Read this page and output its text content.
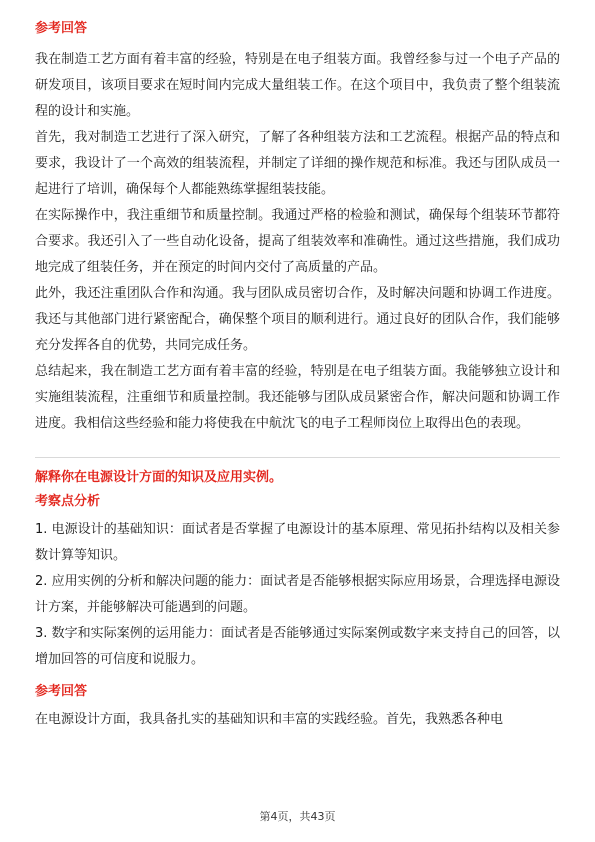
参考回答

我在制造工艺方面有着丰富的经验，特别是在电子组装方面。我曾经参与过一个电子产品的研发项目，该项目要求在短时间内完成大量组装工作。在这个项目中，我负责了整个组装流程的设计和实施。

首先，我对制造工艺进行了深入研究，了解了各种组装方法和工艺流程。根据产品的特点和要求，我设计了一个高效的组装流程，并制定了详细的操作规范和标准。我还与团队成员一起进行了培训，确保每个人都能熟练掌握组装技能。

在实际操作中，我注重细节和质量控制。我通过严格的检验和测试，确保每个组装环节都符合要求。我还引入了一些自动化设备，提高了组装效率和准确性。通过这些措施，我们成功地完成了组装任务，并在预定的时间内交付了高质量的产品。

此外，我还注重团队合作和沟通。我与团队成员密切合作，及时解决问题和协调工作进度。我还与其他部门进行紧密配合，确保整个项目的顺利进行。通过良好的团队合作，我们能够充分发挥各自的优势，共同完成任务。

总结起来，我在制造工艺方面有着丰富的经验，特别是在电子组装方面。我能够独立设计和实施组装流程，注重细节和质量控制。我还能够与团队成员紧密合作，解决问题和协调工作进度。我相信这些经验和能力将使我在中航沈飞的电子工程师岗位上取得出色的表现。

解释你在电源设计方面的知识及应用实例。
考察点分析

1. 电源设计的基础知识：面试者是否掌握了电源设计的基本原理、常见拓扑结构以及相关参数计算等知识。

2. 应用实例的分析和解决问题的能力：面试者是否能够根据实际应用场景，合理选择电源设计方案，并能够解决可能遇到的问题。

3. 数字和实际案例的运用能力：面试者是否能够通过实际案例或数字来支持自己的回答，以增加回答的可信度和说服力。

参考回答

在电源设计方面，我具备扎实的基础知识和丰富的实践经验。首先，我熟悉各种电

第4页，共43页
